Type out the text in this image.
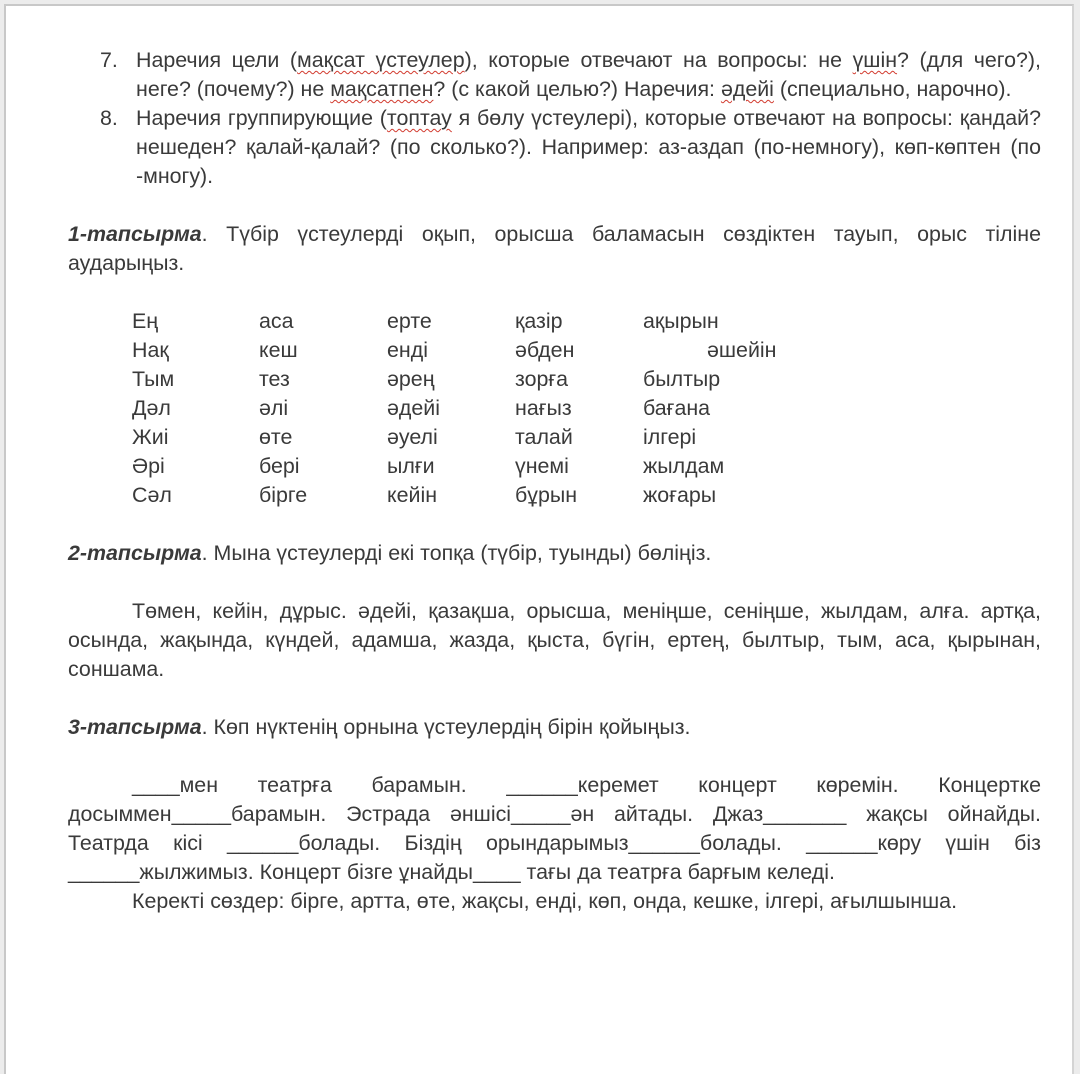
7. Наречия цели (мақсат үстеулер), которые отвечают на вопросы: не үшін? (для чего?), неге? (почему?) не мақсатпен? (с какой целью?) Наречия: әдейі (специально, нарочно).
8. Наречия группирующие (топтау я бөлу үстеулері), которые отвечают на вопросы: қандай? нешеден? қалай-қалай? (по сколько?). Например: аз-аздап (по-немногу), көп-көптен (по -многу).
1-тапсырма. Түбір үстеулерді оқып, орысша баламасын сөздіктен тауып, орыс тіліне аударыңыз.
Ең	аса	ерте	қазір	ақырын
Нақ	кеш	енді	әбден	әшейін
Тым	тез	әрең	зорға	былтыр
Дәл	әлі	әдейі	нағыз	бағана
Жиі	өте	әуелі	талай	ілгері
Әрі	бері	ылғи	үнемі	жылдам
Сәл	бірге	кейін	бұрын	жоғары
2-тапсырма. Мына үстеулерді екі топқа (түбір, туынды) бөліңіз.
Төмен, кейін, дұрыс. әдейі, қазақша, орысша, меніңше, сеніңше, жылдам, алға. артқа, осында, жақында, күндей, адамша, жазда, қыста, бүгін, ертең, былтыр, тым, аса, қырынан, соншама.
3-тапсырма. Көп нүктенің орнына үстеулердің бірін қойыңыз.
____мен театрға барамын. ______керемет концерт көремін. Концертке досыммен_____барамын. Эстрада әншісі_____ән айтады. Джаз_______ жақсы ойнайды. Театрда кісі ______болады. Біздің орындарымыз______болады. ______көру үшін біз ______жылжимыз. Концерт бізге ұнайды____ тағы да театрға барғым келеді.
Керекті сөздер: бірге, артта, өте, жақсы, енді, көп, онда, кешке, ілгері, ағылшынша.
